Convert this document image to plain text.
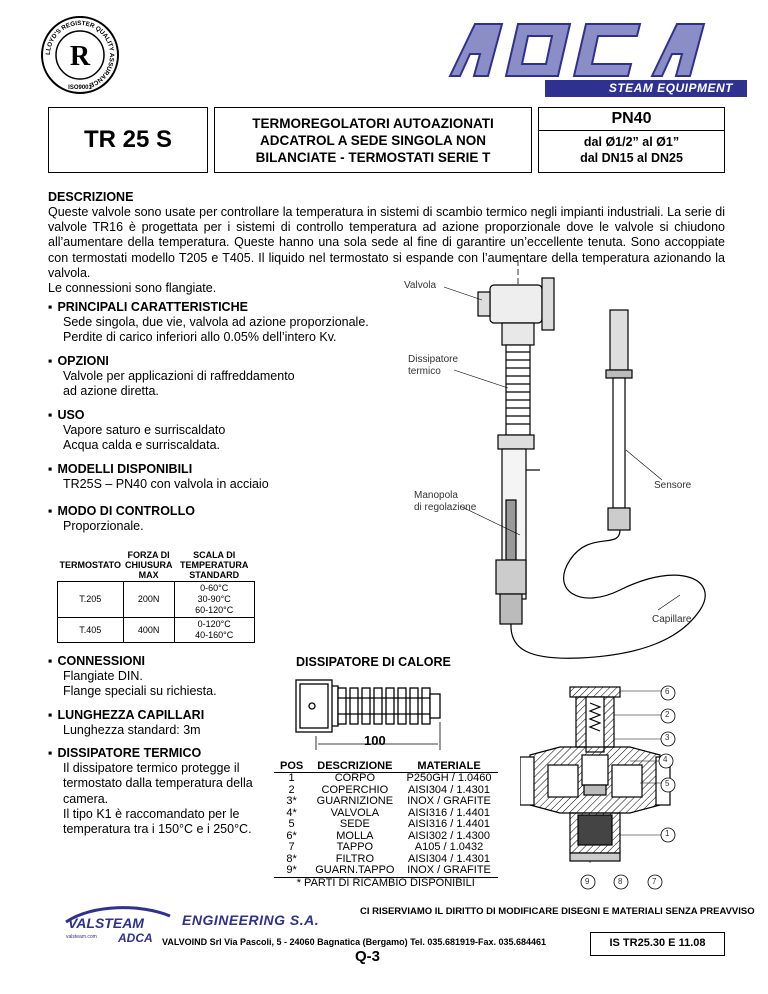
LLOYD'S REGISTER QUALITY ASSURANCE
R
ISO9001
ADCA
STEAM EQUIPMENT
TR 25 S
TERMOREGOLATORI AUTOAZIONATI
ADCATROL A SEDE SINGOLA NON
BILANCIATE - TERMOSTATI SERIE T
PN40
dal Ø1/2” al Ø1”
dal DN15 al DN25
DESCRIZIONE
Queste valvole sono usate per controllare la temperatura in sistemi di scambio termico negli impianti industriali. La serie di valvole TR16 è progettata per i sistemi di controllo temperatura ad azione proporzionale dove le valvole si chiudono all’aumentare della temperatura. Queste hanno una sola sede al fine di garantire un’eccellente tenuta. Sono accoppiate con termostati modello T205 e T405. Il liquido nel termostato si espande con l’aumentare della temperatura azionando la valvola.
Le connessioni sono flangiate.
▪ PRINCIPALI CARATTERISTICHE
Sede singola, due vie, valvola ad azione proporzionale.
Perdite di carico inferiori allo 0.05% dell’intero Kv.
▪ OPZIONI
Valvole per applicazioni di raffreddamento
ad azione diretta.
▪ USO
Vapore saturo e surriscaldato
Acqua calda e surriscaldata.
▪ MODELLI DISPONIBILI
TR25S – PN40 con valvola in acciaio
▪ MODO DI CONTROLLO
Proporzionale.
TERMOSTATO	FORZA DI CHIUSURA MAX	SCALA DI TEMPERATURA STANDARD
T.205	200N	0-60°C
30-90°C
60-120°C

T.405	400N	0-120°C
40-160°C
▪ CONNESSIONI
Flangiate DIN.
Flange speciali su richiesta.
▪ LUNGHEZZA CAPILLARI
Lunghezza standard: 3m
▪ DISSIPATORE TERMICO
Il dissipatore termico protegge il
termostato dalla temperatura della
camera.
Il tipo K1 è raccomandato per le
temperatura tra i 150°C e i 250°C.
Valvola
Dissipatore
termico
Sensore
Manopola
di regolazione
Capillare
DISSIPATORE DI CALORE
100
POS	DESCRIZIONE	MATERIALE
1	CORPO	P250GH / 1.0460
2	COPERCHIO	AISI304 / 1.4301
3*	GUARNIZIONE	INOX / GRAFITE
4*	VALVOLA	AISI316 / 1.4401
5	SEDE	AISI316 / 1.4401
6*	MOLLA	AISI302 / 1.4300
7	TAPPO	A105 / 1.0432
8*	FILTRO	AISI304 / 1.4301
9*	GUARN.TAPPO	INOX / GRAFITE
* PARTI DI RICAMBIO DISPONIBILI		
6
2
3
4
5
1
9	8	7
VALSTEAM
ADCA
valsteam.com
ENGINEERING S.A.
CI RISERVIAMO IL DIRITTO DI MODIFICARE DISEGNI E MATERIALI SENZA PREAVVISO
VALVOIND Srl Via Pascoli, 5 - 24060 Bagnatica (Bergamo) Tel. 035.681919-Fax. 035.684461
Q-3
IS TR25.30 E 11.08
